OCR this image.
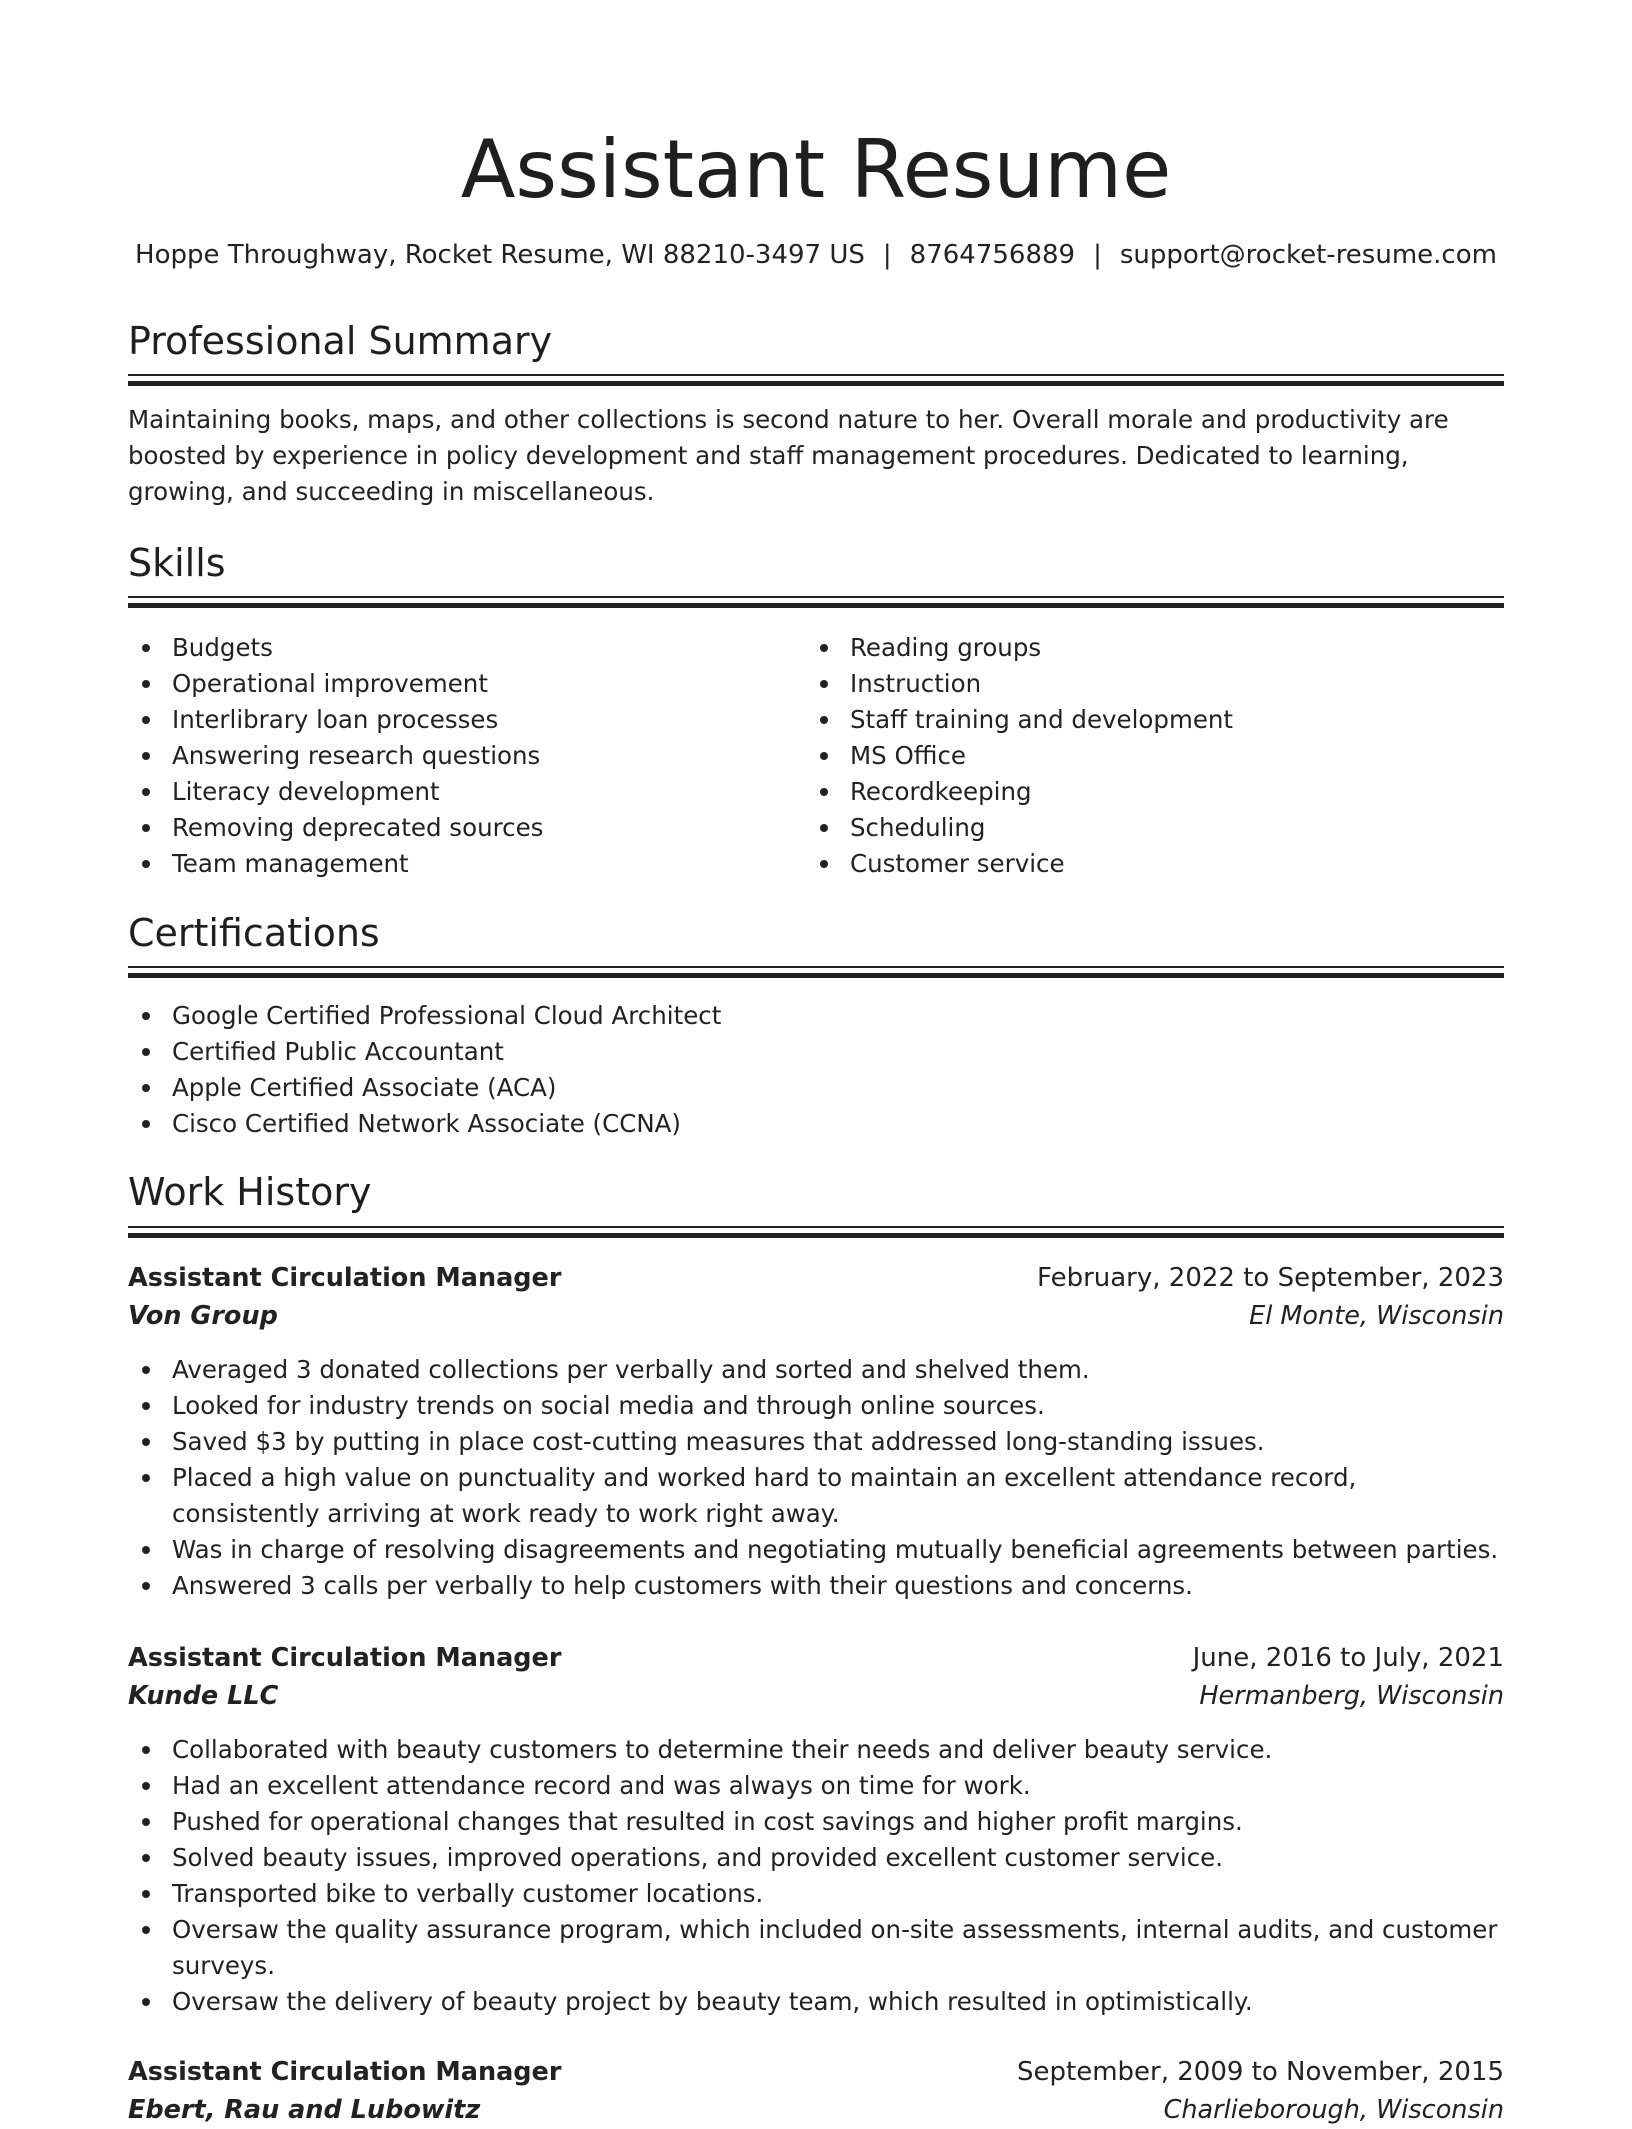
Assistant Resume
Hoppe Throughway, Rocket Resume, WI 88210-3497 US | 8764756889 | support@rocket-resume.com
Professional Summary

Maintaining books, maps, and other collections is second nature to her. Overall morale and productivity are boosted by experience in policy development and staff management procedures. Dedicated to learning, growing, and succeeding in miscellaneous.

Skills
Budgets
Operational improvement
Interlibrary loan processes
Answering research questions
Literacy development
Removing deprecated sources
Team management
Reading groups
Instruction
Staff training and development
MS Office
Recordkeeping
Scheduling
Customer service
Certifications
Google Certified Professional Cloud Architect
Certified Public Accountant
Apple Certified Associate (ACA)
Cisco Certified Network Associate (CCNA)
Work History
Assistant Circulation Manager	February, 2022 to September, 2023
Von Group	El Monte, Wisconsin
Averaged 3 donated collections per verbally and sorted and shelved them.
Looked for industry trends on social media and through online sources.
Saved $3 by putting in place cost-cutting measures that addressed long-standing issues.
Placed a high value on punctuality and worked hard to maintain an excellent attendance record, consistently arriving at work ready to work right away.
Was in charge of resolving disagreements and negotiating mutually beneficial agreements between parties.
Answered 3 calls per verbally to help customers with their questions and concerns.
Assistant Circulation Manager	June, 2016 to July, 2021
Kunde LLC	Hermanberg, Wisconsin
Collaborated with beauty customers to determine their needs and deliver beauty service.
Had an excellent attendance record and was always on time for work.
Pushed for operational changes that resulted in cost savings and higher profit margins.
Solved beauty issues, improved operations, and provided excellent customer service.
Transported bike to verbally customer locations.
Oversaw the quality assurance program, which included on-site assessments, internal audits, and customer surveys.
Oversaw the delivery of beauty project by beauty team, which resulted in optimistically.
Assistant Circulation Manager	September, 2009 to November, 2015
Ebert, Rau and Lubowitz	Charlieborough, Wisconsin
